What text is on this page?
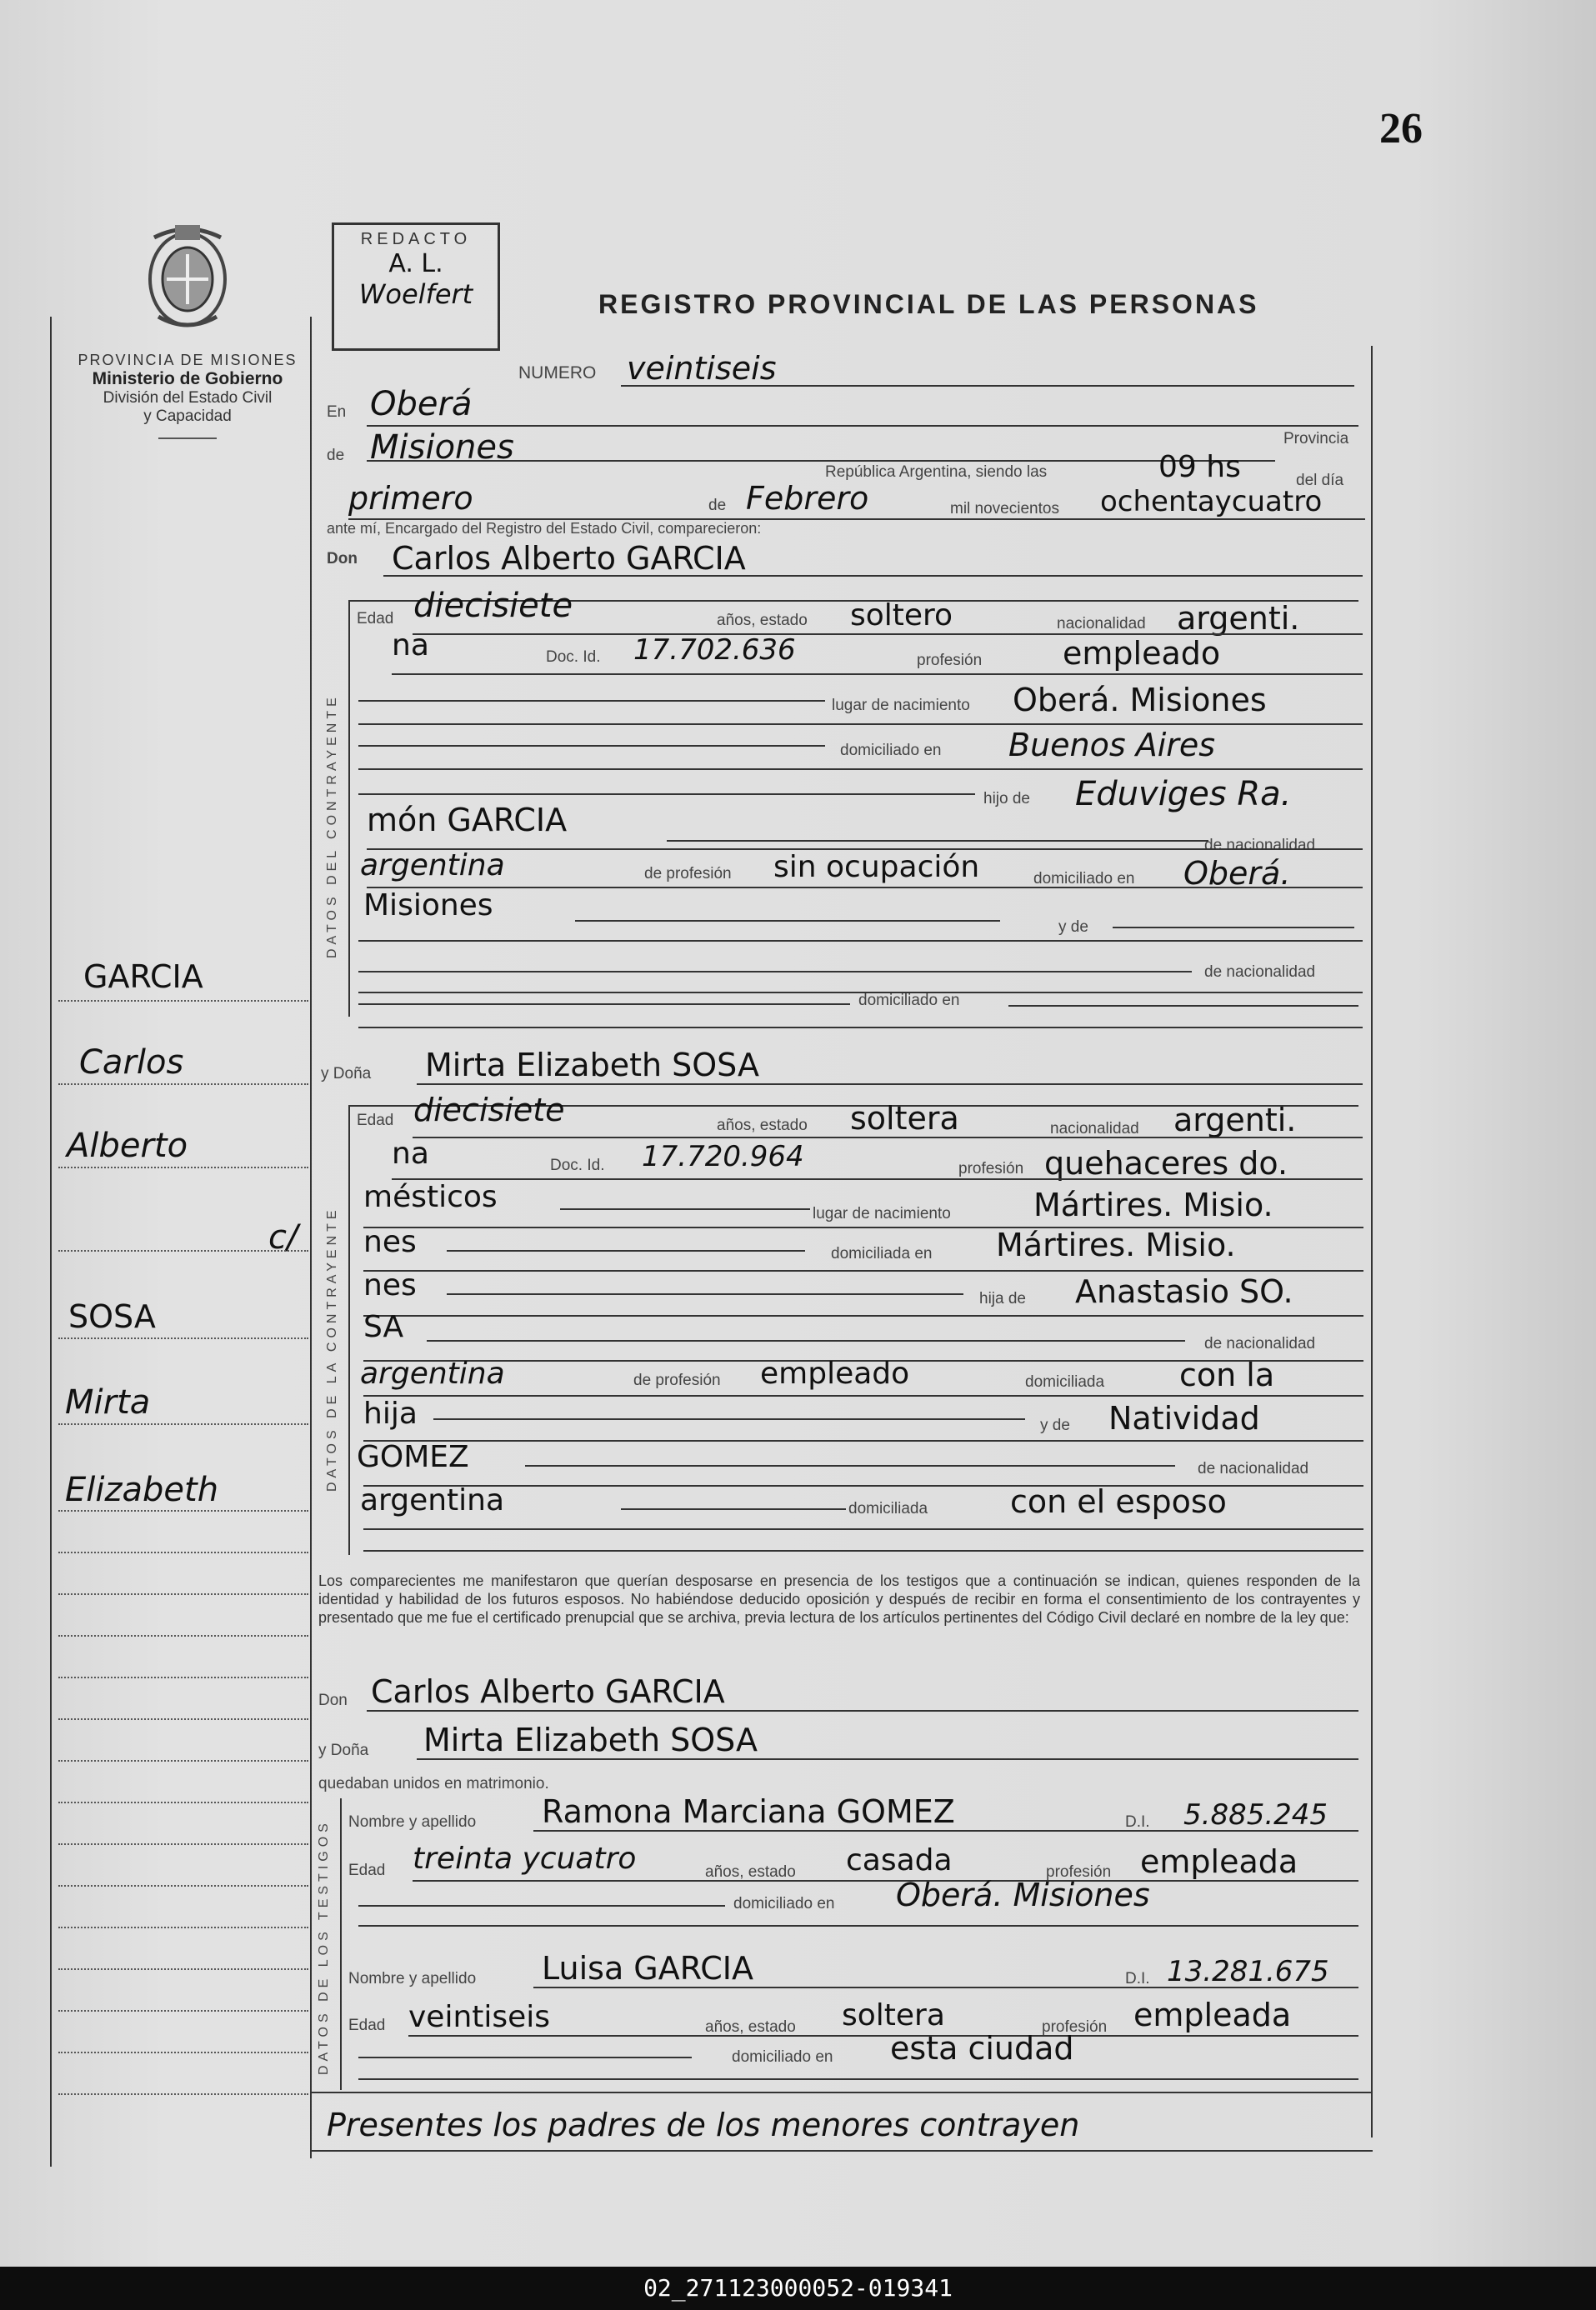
26
PROVINCIA DE MISIONES
Ministerio de Gobierno
División del Estado Civil
y Capacidad
REDACTO
A. L.
Woelfert	REGISTRO PROVINCIAL DE LAS PERSONAS
GARCIA
Carlos
Alberto
c/
SOSA
Mirta
Elizabeth
NUMERO veintiseis
En Oberá
de Misiones	Provincia
República Argentina, siendo las	09 hs	del día
primero	de Febrero	mil novecientos ochentaycuatro
ante mí, Encargado del Registro del Estado Civil, comparecieron:
Don Carlos Alberto GARCIA
DATOS DEL CONTRAYENTE
Edad diecisiete	años, estado soltero	nacionalidad argenti.
na	Doc. Id. 17.702.636	profesión	empleado
lugar de nacimiento Oberá. Misiones
domiciliado en Buenos Aires
hijo de Eduviges Ra.
món GARCIA
de nacionalidad
argentina	de profesión sin ocupación	domiciliado en Oberá.
Misiones
y de
de nacionalidad
domiciliado en
y Doña Mirta Elizabeth SOSA
DATOS DE LA CONTRAYENTE
Edad diecisiete	años, estado soltera	nacionalidad argenti.
na	Doc. Id. 17.720.964	profesión quehaceres do.
mésticos	lugar de nacimiento	Mártires. Misio.
nes	domiciliada en Mártires. Misio.
nes	hija de Anastasio SO.
SA	de nacionalidad
argentina	de profesión empleado	domiciliada con la
hija	y de Natividad
GOMEZ	de nacionalidad
argentina	domiciliada	con el esposo
Los comparecientes me manifestaron que querían desposarse en presencia de los testigos que a continuación se indican, quienes responden de la identidad y habilidad de los futuros esposos. No habiéndose deducido oposición y después de recibir en forma el consentimiento de los contrayentes y presentado que me fue el certificado prenupcial que se archiva, previa lectura de los artículos pertinentes del Código Civil declaré en nombre de la ley que:
Don Carlos Alberto GARCIA
y Doña Mirta Elizabeth SOSA
quedaban unidos en matrimonio.
DATOS DE LOS TESTIGOS Nombre y apellido Ramona Marciana GOMEZ	D.I. 5.885.245
Edad treinta ycuatro	años, estado casada	profesión empleada
domiciliado en Oberá. Misiones
Nombre y apellido Luisa GARCIA	D.I. 13.281.675
Edad veintiseis	años, estado soltera	profesión empleada
domiciliado en esta ciudad
Presentes los padres de los menores contrayen
02_271123000052-019341
